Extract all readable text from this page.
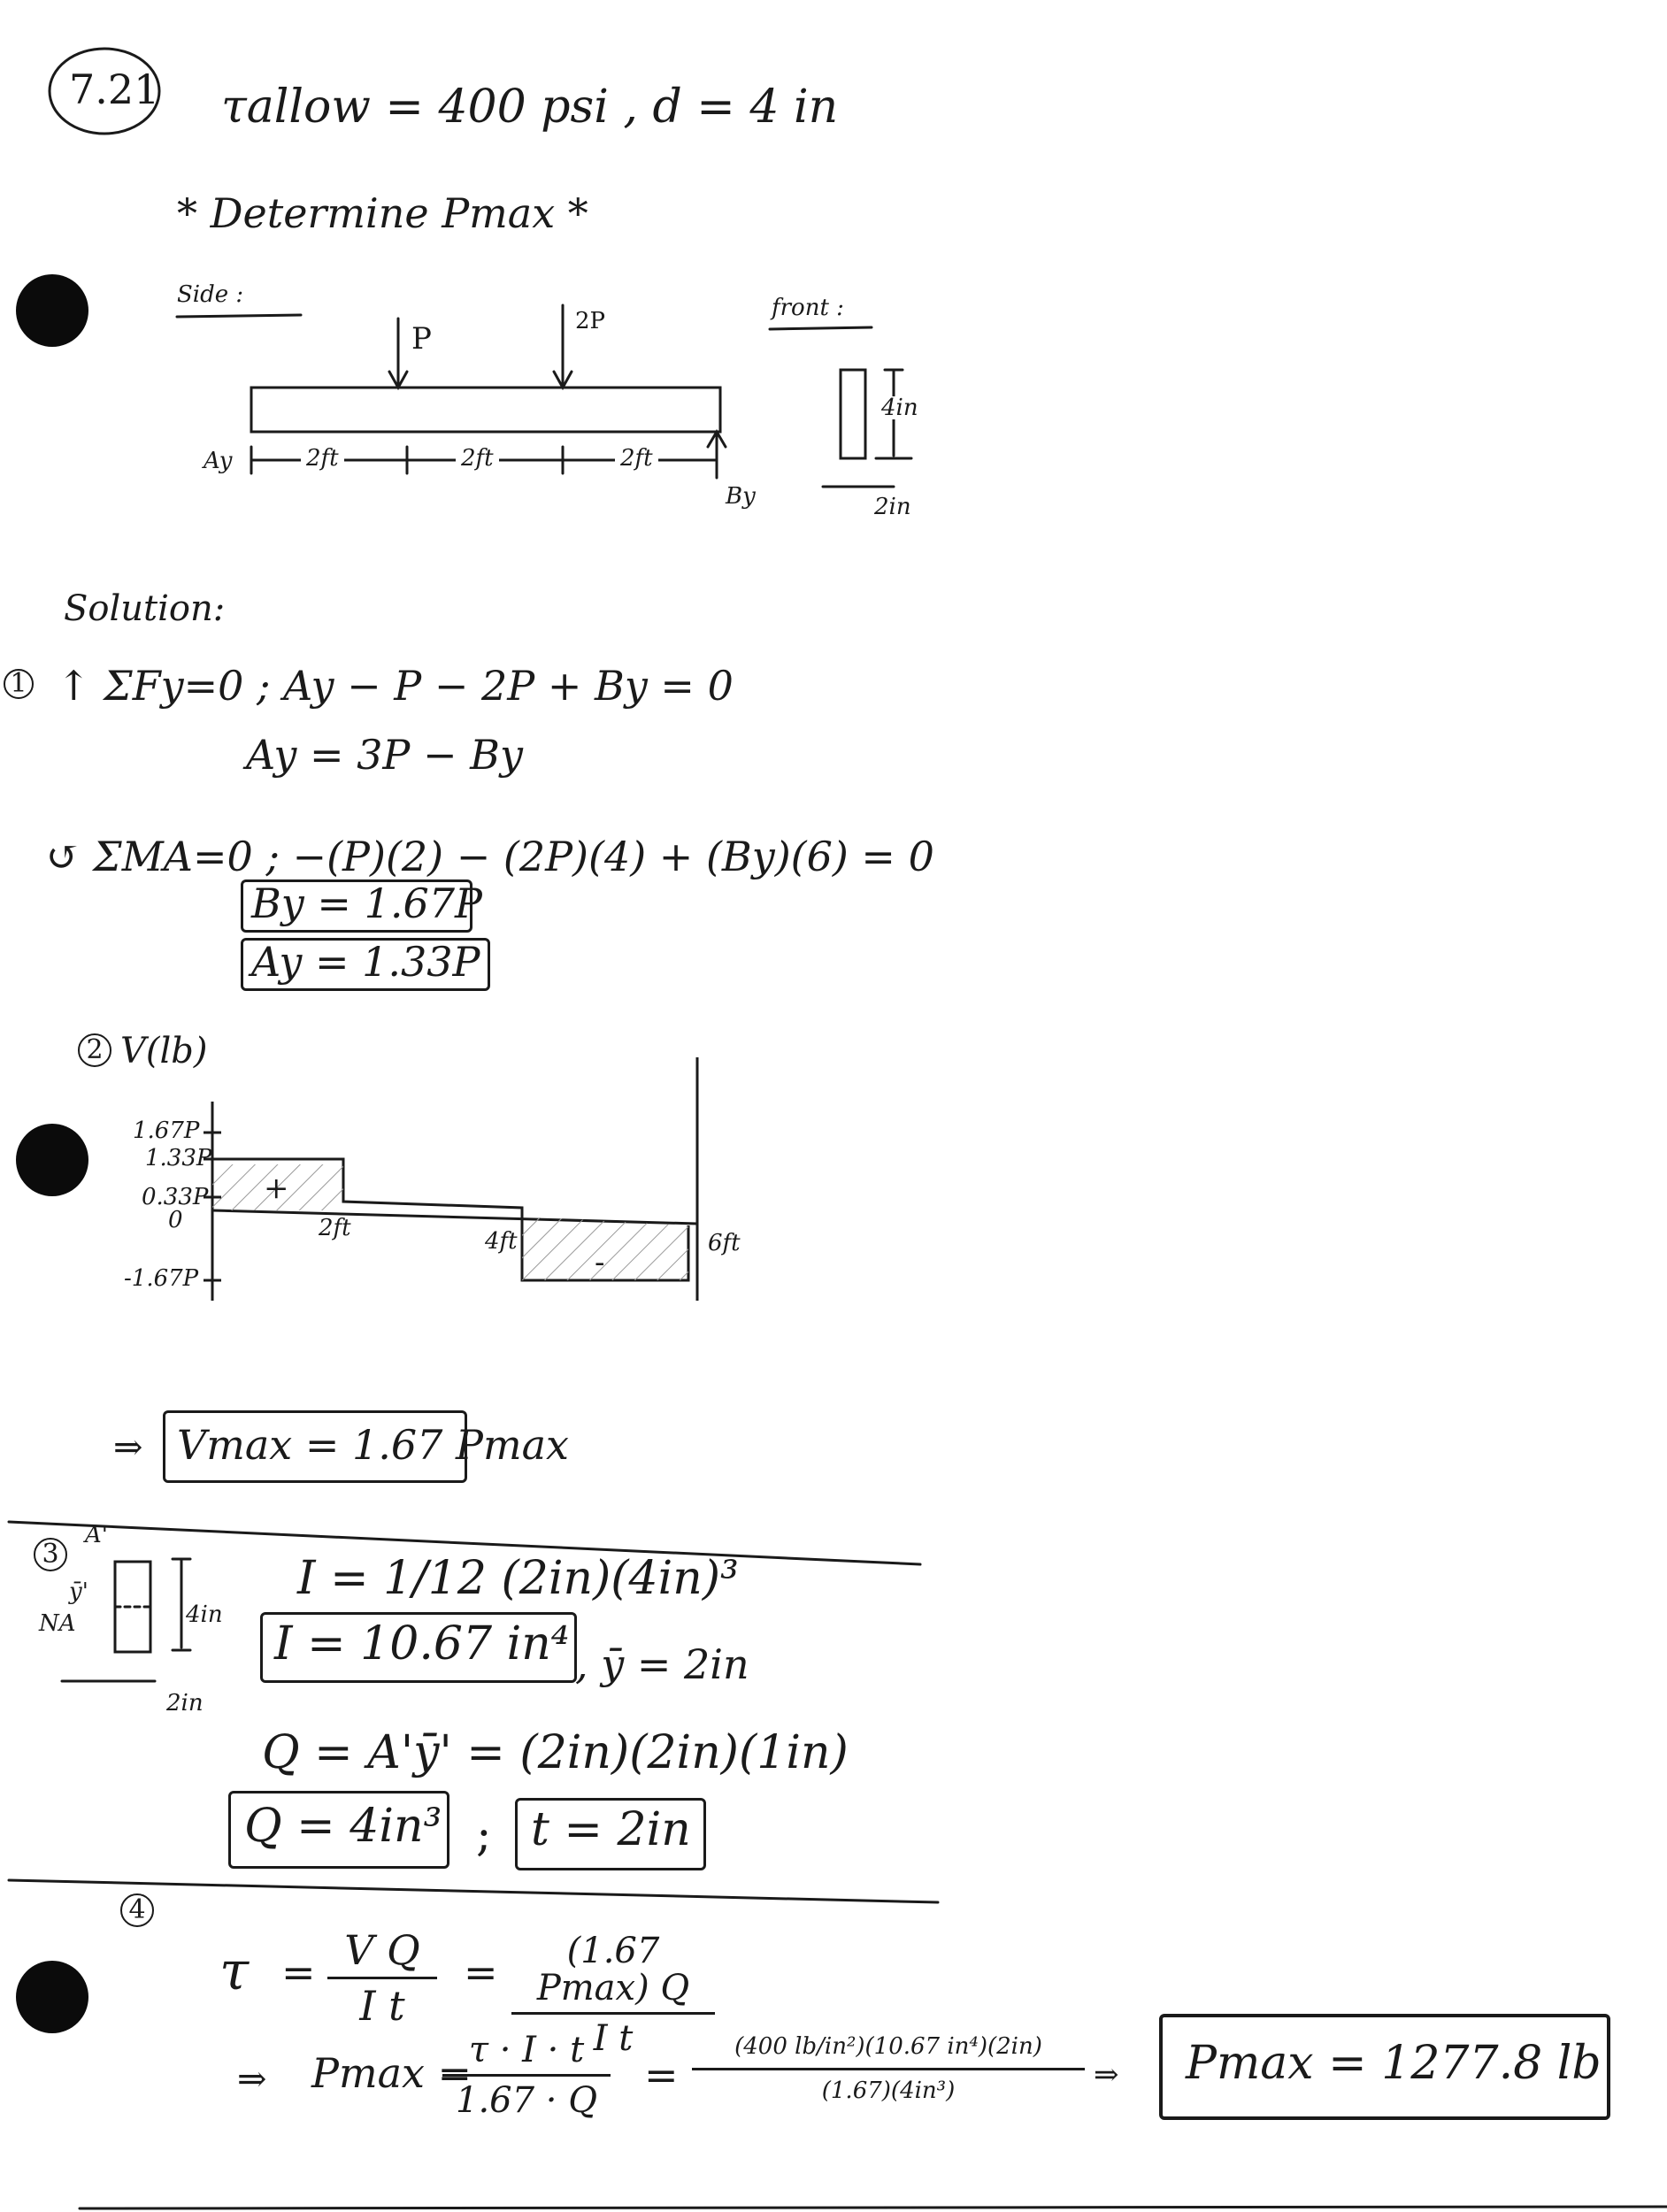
7.21 τallow = 400 psi , d = 4 in
* Determine Pmax *
Side :	front :
P	2P
Ay
By
2ft	2ft	2ft
4in
2in
Solution:
1 ↑ ΣFy=0 ; Ay − P − 2P + By = 0
Ay = 3P − By
↺ ΣMA=0 ; −(P)(2) − (2P)(4) + (By)(6) = 0
By = 1.67P
Ay = 1.33P
2 V(lb)
1.67P
1.33P
0.33P
0
-1.67P
2ft	4ft	6ft
+
-
⇒ Vmax = 1.67 Pmax
3
A'
ȳ'
NA	4in
2in
I = 1/12 (2in)(4in)³
I = 10.67 in⁴ , ȳ = 2in
Q = A'ȳ' = (2in)(2in)(1in)
Q = 4in³ ; t = 2in
4
τ = V Q
I t
=	(1.67 Pmax) Q
I t
⇒ Pmax =
τ · I · t
1.67 · Q
=
(400 lb/in²)(10.67 in⁴)(2in)
(1.67)(4in³)	⇒ Pmax = 1277.8 lb
